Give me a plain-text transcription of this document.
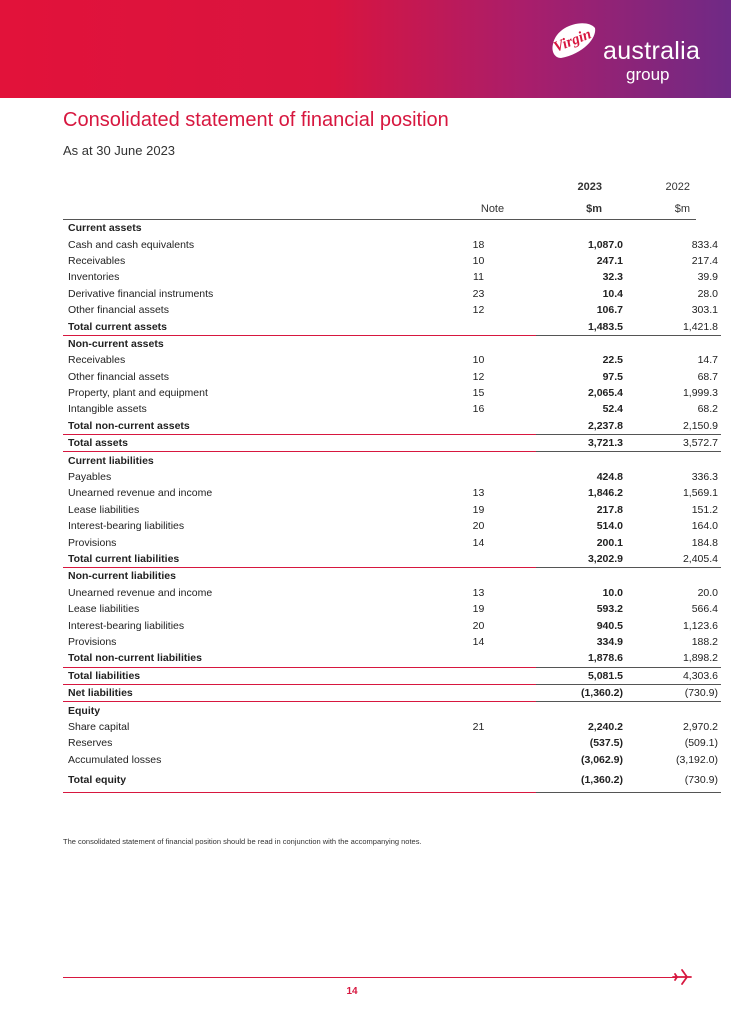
Virgin australia
group
Consolidated statement of financial position
As at 30 June 2023
2023	2022
Note	$m	$m
Current assets			
Cash and cash equivalents	18	1,087.0	833.4
Receivables	10	247.1	217.4
Inventories	11	32.3	39.9
Derivative financial instruments	23	10.4	28.0
Other financial assets	12	106.7	303.1
Total current assets		1,483.5	1,421.8
Non-current assets			
Receivables	10	22.5	14.7
Other financial assets	12	97.5	68.7
Property, plant and equipment	15	2,065.4	1,999.3
Intangible assets	16	52.4	68.2
Total non-current assets		2,237.8	2,150.9
Total assets		3,721.3	3,572.7
Current liabilities			
Payables		424.8	336.3
Unearned revenue and income	13	1,846.2	1,569.1
Lease liabilities	19	217.8	151.2
Interest-bearing liabilities	20	514.0	164.0
Provisions	14	200.1	184.8
Total current liabilities		3,202.9	2,405.4
Non-current liabilities			
Unearned revenue and income	13	10.0	20.0
Lease liabilities	19	593.2	566.4
Interest-bearing liabilities	20	940.5	1,123.6
Provisions	14	334.9	188.2
Total non-current liabilities		1,878.6	1,898.2
Total liabilities		5,081.5	4,303.6
Net liabilities		(1,360.2)	(730.9)
Equity			
Share capital	21	2,240.2	2,970.2
Reserves		(537.5)	(509.1)
Accumulated losses		(3,062.9)	(3,192.0)
Total equity		(1,360.2)	(730.9)
The consolidated statement of financial position should be read in conjunction with the accompanying notes.
14
